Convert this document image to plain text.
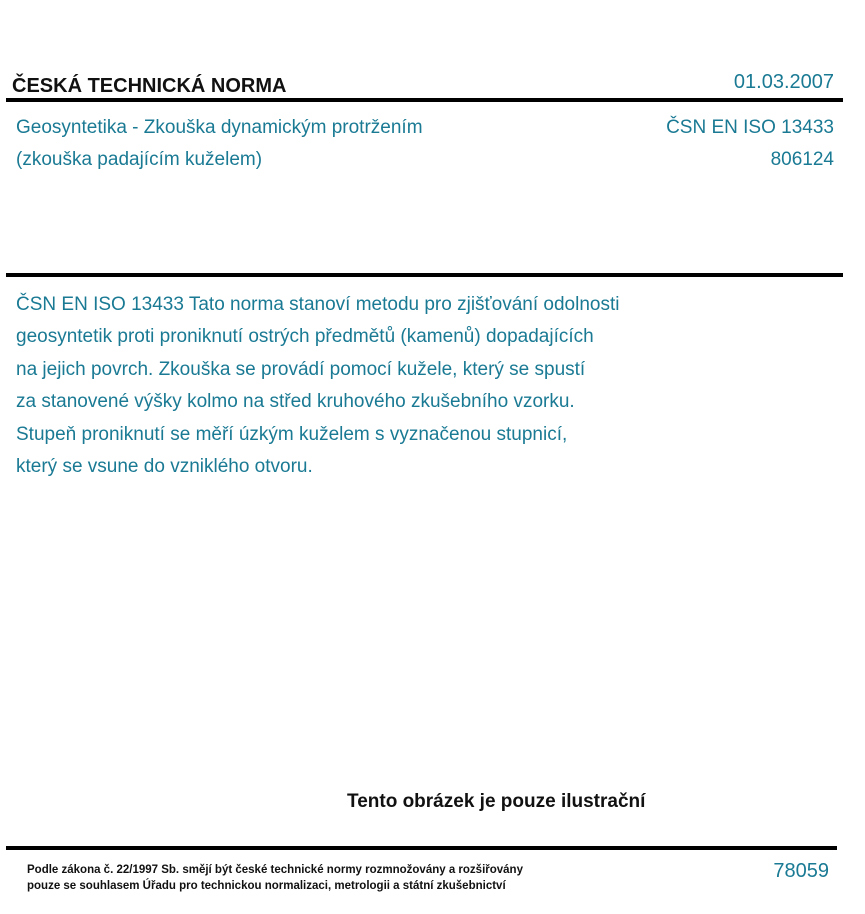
ČESKÁ TECHNICKÁ NORMA	01.03.2007
Geosyntetika - Zkouška dynamickým protržením
(zkouška padajícím kuželem)
ČSN EN ISO 13433
806124
ČSN EN ISO 13433 Tato norma stanoví metodu pro zjišťování odolnosti
geosyntetik proti proniknutí ostrých předmětů (kamenů) dopadajících
na jejich povrch. Zkouška se provádí pomocí kužele, který se spustí
za stanovené výšky kolmo na střed kruhového zkušebního vzorku.
Stupeň proniknutí se měří úzkým kuželem s vyznačenou stupnicí,
který se vsune do vzniklého otvoru.
Tento obrázek je pouze ilustrační
Podle zákona č. 22/1997 Sb. smějí být české technické normy rozmnožovány a rozšiřovány
pouze se souhlasem Úřadu pro technickou normalizaci, metrologii a státní zkušebnictví
78059
